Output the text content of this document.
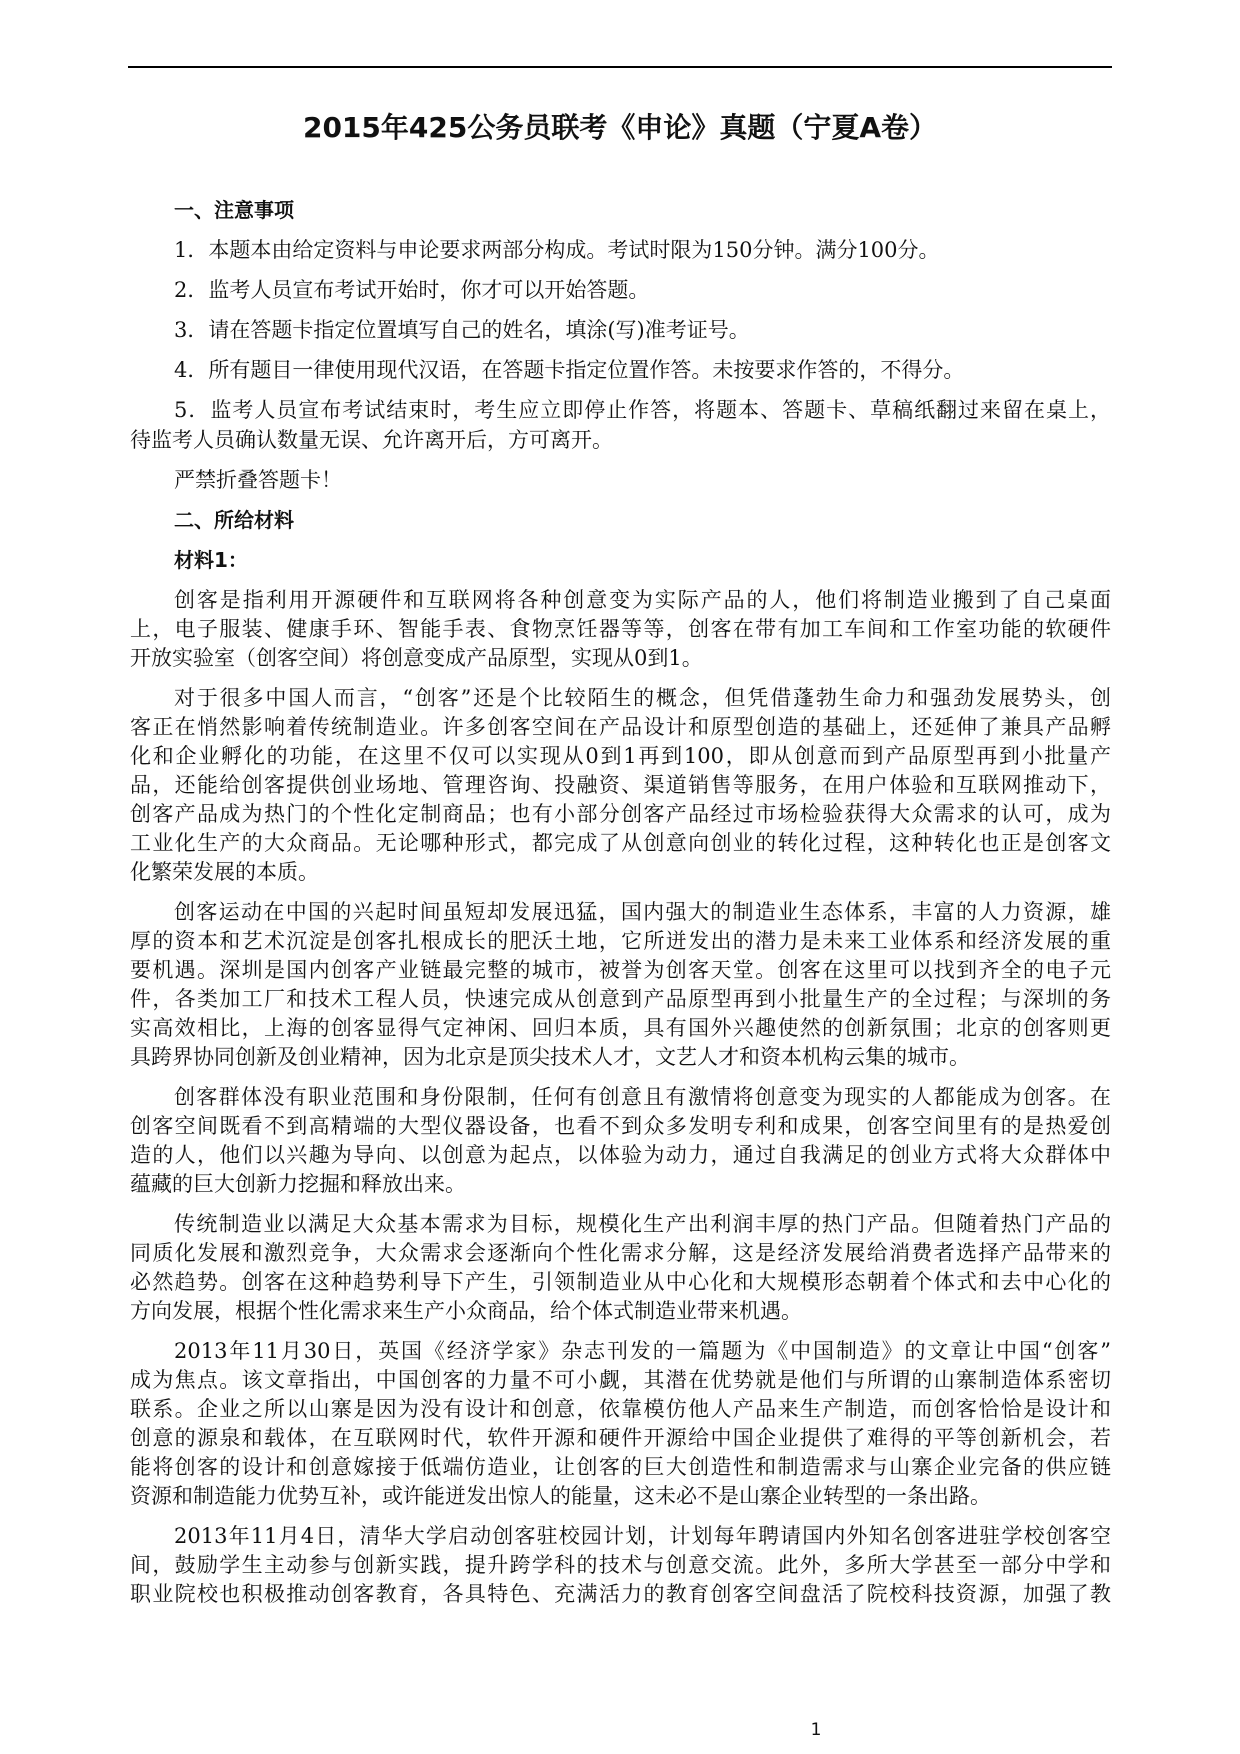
2015年425公务员联考《申论》真题（宁夏A卷）
一、注意事项
1．本题本由给定资料与申论要求两部分构成。考试时限为150分钟。满分100分。
2．监考人员宣布考试开始时，你才可以开始答题。
3．请在答题卡指定位置填写自己的姓名，填涂(写)准考证号。
4．所有题目一律使用现代汉语，在答题卡指定位置作答。未按要求作答的，不得分。
5．监考人员宣布考试结束时，考生应立即停止作答，将题本、答题卡、草稿纸翻过来留在桌上，
待监考人员确认数量无误、允许离开后，方可离开。
严禁折叠答题卡！
二、所给材料
材料1：
创客是指利用开源硬件和互联网将各种创意变为实际产品的人，他们将制造业搬到了自己桌面
上，电子服装、健康手环、智能手表、食物烹饪器等等，创客在带有加工车间和工作室功能的软硬件
开放实验室（创客空间）将创意变成产品原型，实现从0到1。
对于很多中国人而言，“创客”还是个比较陌生的概念，但凭借蓬勃生命力和强劲发展势头，创
客正在悄然影响着传统制造业。许多创客空间在产品设计和原型创造的基础上，还延伸了兼具产品孵
化和企业孵化的功能，在这里不仅可以实现从0到1再到100，即从创意而到产品原型再到小批量产
品，还能给创客提供创业场地、管理咨询、投融资、渠道销售等服务，在用户体验和互联网推动下，
创客产品成为热门的个性化定制商品；也有小部分创客产品经过市场检验获得大众需求的认可，成为
工业化生产的大众商品。无论哪种形式，都完成了从创意向创业的转化过程，这种转化也正是创客文
化繁荣发展的本质。
创客运动在中国的兴起时间虽短却发展迅猛，国内强大的制造业生态体系，丰富的人力资源，雄
厚的资本和艺术沉淀是创客扎根成长的肥沃土地，它所迸发出的潜力是未来工业体系和经济发展的重
要机遇。深圳是国内创客产业链最完整的城市，被誉为创客天堂。创客在这里可以找到齐全的电子元
件，各类加工厂和技术工程人员，快速完成从创意到产品原型再到小批量生产的全过程；与深圳的务
实高效相比，上海的创客显得气定神闲、回归本质，具有国外兴趣使然的创新氛围；北京的创客则更
具跨界协同创新及创业精神，因为北京是顶尖技术人才，文艺人才和资本机构云集的城市。
创客群体没有职业范围和身份限制，任何有创意且有激情将创意变为现实的人都能成为创客。在
创客空间既看不到高精端的大型仪器设备，也看不到众多发明专利和成果，创客空间里有的是热爱创
造的人，他们以兴趣为导向、以创意为起点，以体验为动力，通过自我满足的创业方式将大众群体中
蕴藏的巨大创新力挖掘和释放出来。
传统制造业以满足大众基本需求为目标，规模化生产出利润丰厚的热门产品。但随着热门产品的
同质化发展和激烈竞争，大众需求会逐渐向个性化需求分解，这是经济发展给消费者选择产品带来的
必然趋势。创客在这种趋势利导下产生，引领制造业从中心化和大规模形态朝着个体式和去中心化的
方向发展，根据个性化需求来生产小众商品，给个体式制造业带来机遇。
2013年11月30日，英国《经济学家》杂志刊发的一篇题为《中国制造》的文章让中国“创客”
成为焦点。该文章指出，中国创客的力量不可小觑，其潜在优势就是他们与所谓的山寨制造体系密切
联系。企业之所以山寨是因为没有设计和创意，依靠模仿他人产品来生产制造，而创客恰恰是设计和
创意的源泉和载体，在互联网时代，软件开源和硬件开源给中国企业提供了难得的平等创新机会，若
能将创客的设计和创意嫁接于低端仿造业，让创客的巨大创造性和制造需求与山寨企业完备的供应链
资源和制造能力优势互补，或许能迸发出惊人的能量，这未必不是山寨企业转型的一条出路。
2013年11月4日，清华大学启动创客驻校园计划，计划每年聘请国内外知名创客进驻学校创客空
间，鼓励学生主动参与创新实践，提升跨学科的技术与创意交流。此外，多所大学甚至一部分中学和
职业院校也积极推动创客教育，各具特色、充满活力的教育创客空间盘活了院校科技资源，加强了教
1
